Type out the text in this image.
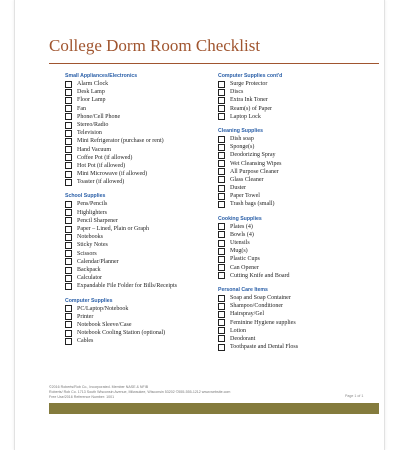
College Dorm Room Checklist
Small Appliances/Electronics
Alarm Clock
Desk Lamp
Floor Lamp
Fan
Phone/Cell Phone
Stereo/Radio
Television
Mini Refrigerator (purchase or rent)
Hand Vacuum
Coffee Pot (if allowed)
Hot Pot (if allowed)
Mini Microwave (if allowed)
Toaster (if allowed)
School Supplies
Pens/Pencils
Highlighters
Pencil Sharpener
Paper – Lined, Plain or Graph
Notebooks
Sticky Notes
Scissors
Calendar/Planner
Backpack
Calculator
Expandable File Folder for Bills/Receipts
Computer Supplies
PC/Laptop/Notebook
Printer
Notebook Sleeve/Case
Notebook Cooling Station (optional)
Cables
Computer Supplies cont'd
Surge Protector
Discs
Extra Ink Toner
Ream(s) of Paper
Laptop Lock
Cleaning Supplies
Dish soap
Sponge(s)
Deodorizing Spray
Wet Cleansing Wipes
All Purpose Cleaner
Glass Cleaner
Duster
Paper Towel
Trash bags (small)
Cooking Supplies
Plates (4)
Bowls (4)
Utensils
Mug(s)
Plastic Cups
Can Opener
Cutting Knife and Board
Personal Care Items
Soap and Soap Container
Shampoo/Conditioner
Hairspray/Gel
Feminine Hygiene supplies
Lotion
Deodorant
Toothpaste and Dental Floss
©2016 Roberts/Rob Co., Incorporated. Member NASE & NFIB
Roberts/ Rob Co. 1713 South Wisconsin Avenue, Milwaukee, Wisconsin 53202 ©555-555-1212 www.website.com
Free Use/2016 Reference Number: 1001	Page 1 of 1
